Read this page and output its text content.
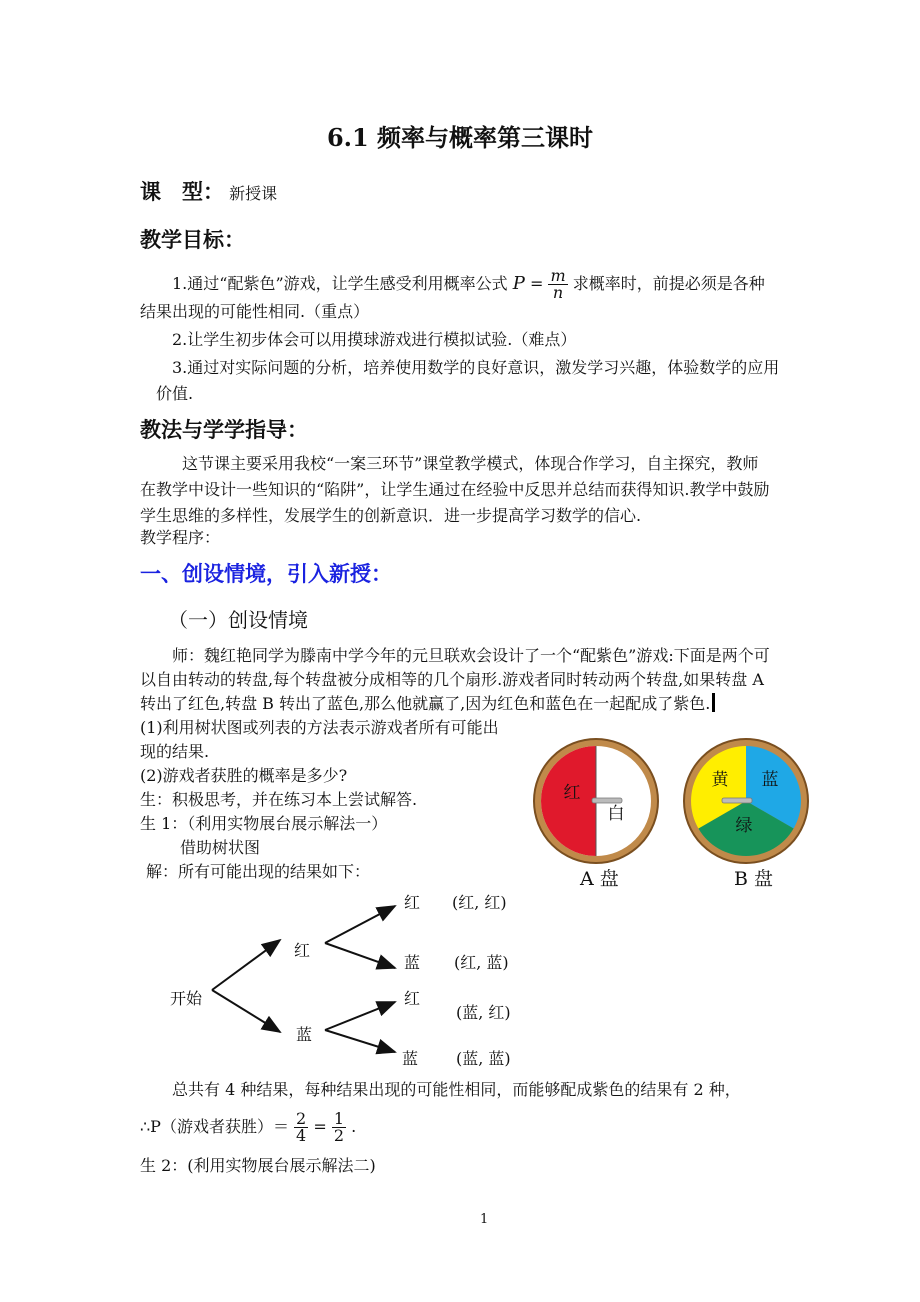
6.1 频率与概率第三课时
课　型： 新授课
教学目标：
1.通过“配紫色”游戏，让学生感受利用概率公式 $P = \frac{m}{n}$ 求概率时，前提必须是各种
结果出现的可能性相同.（重点）
2.让学生初步体会可以用摸球游戏进行模拟试验.（难点）
3.通过对实际问题的分析，培养使用数学的良好意识，激发学习兴趣，体验数学的应用
价值.
教法与学学指导：
这节课主要采用我校“一案三环节”课堂教学模式，体现合作学习，自主探究，教师
在教学中设计一些知识的“陷阱”，让学生通过在经验中反思并总结而获得知识.教学中鼓励
学生思维的多样性，发展学生的创新意识．进一步提高学习数学的信心.
教学程序：
一、创设情境，引入新授：
（一）创设情境
师：魏红艳同学为滕南中学今年的元旦联欢会设计了一个“配紫色”游戏:下面是两个可
以自由转动的转盘,每个转盘被分成相等的几个扇形.游戏者同时转动两个转盘,如果转盘 A
转出了红色,转盘 B 转出了蓝色,那么他就赢了,因为红色和蓝色在一起配成了紫色.
(1)利用树状图或列表的方法表示游戏者所有可能出
现的结果.
(2)游戏者获胜的概率是多少?
生：积极思考，并在练习本上尝试解答.
生 1：（利用实物展台展示解法一）
借助树状图
解：所有可能出现的结果如下：
红
白
A 盘
黄 蓝
绿
B 盘
开始
红
蓝
红
蓝
红
蓝
(红, 红)
(红, 蓝)
(蓝, 红)
(蓝, 蓝)
总共有 4 种结果，每种结果出现的可能性相同，而能够配成紫色的结果有 2 种，
∴P（游戏者获胜）＝ $\frac{2}{4} = \frac{1}{2}$ .
生 2：(利用实物展台展示解法二)
1
